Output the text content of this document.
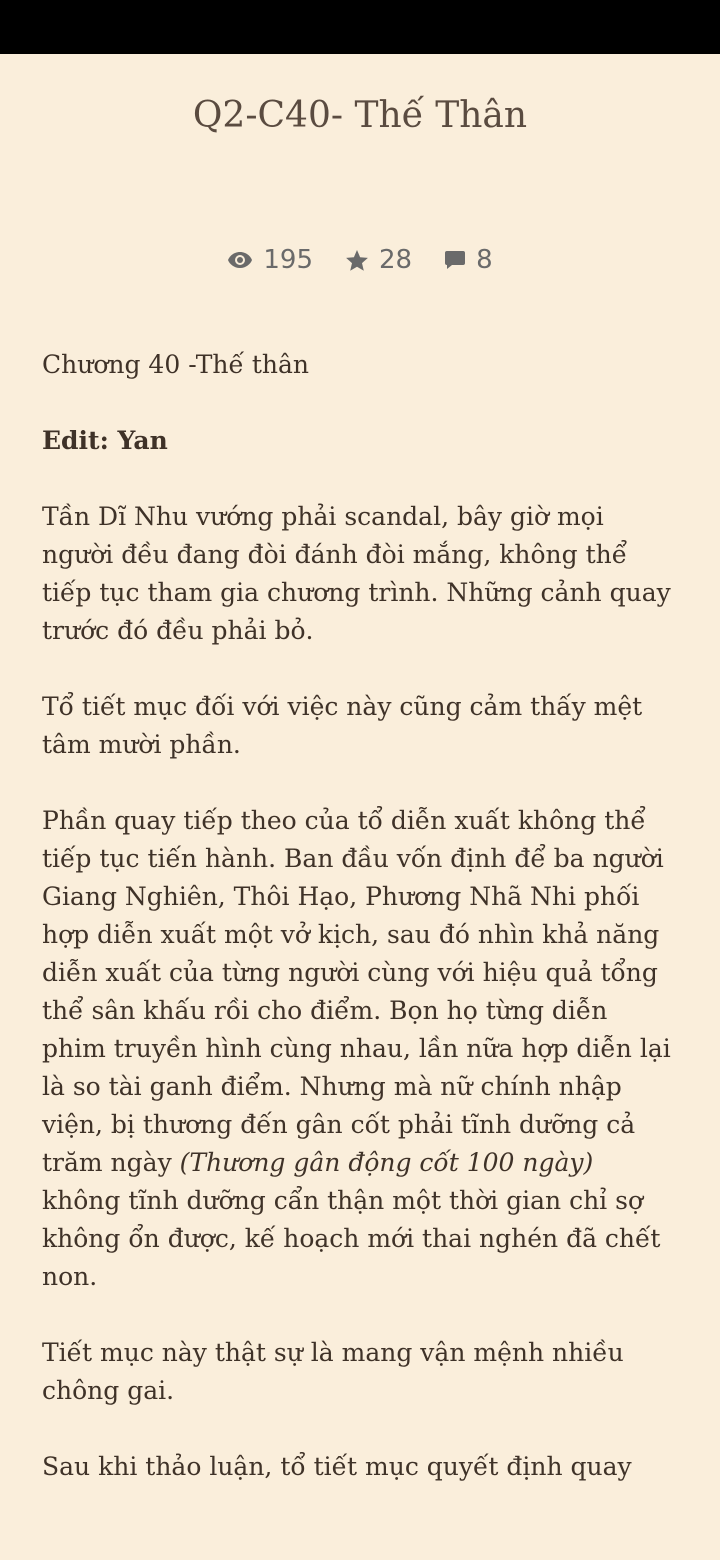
Q2-C40- Thế Thân
195	28 8

Chương 40 -Thế thân

Edit: Yan

Tần Dĩ Nhu vướng phải scandal, bây giờ mọi người đều đang đòi đánh đòi mắng, không thể tiếp tục tham gia chương trình. Những cảnh quay trước đó đều phải bỏ.

Tổ tiết mục đối với việc này cũng cảm thấy mệt tâm mười phần.

Phần quay tiếp theo của tổ diễn xuất không thể tiếp tục tiến hành. Ban đầu vốn định để ba người Giang Nghiên, Thôi Hạo, Phương Nhã Nhi phối hợp diễn xuất một vở kịch, sau đó nhìn khả năng diễn xuất của từng người cùng với hiệu quả tổng thể sân khấu rồi cho điểm. Bọn họ từng diễn phim truyền hình cùng nhau, lần nữa hợp diễn lại là so tài ganh điểm. Nhưng mà nữ chính nhập viện, bị thương đến gân cốt phải tĩnh dưỡng cả trăm ngày (Thương gân động cốt 100 ngày) không tĩnh dưỡng cẩn thận một thời gian chỉ sợ không ổn được, kế hoạch mới thai nghén đã chết non.

Tiết mục này thật sự là mang vận mệnh nhiều chông gai.

Sau khi thảo luận, tổ tiết mục quyết định quay
